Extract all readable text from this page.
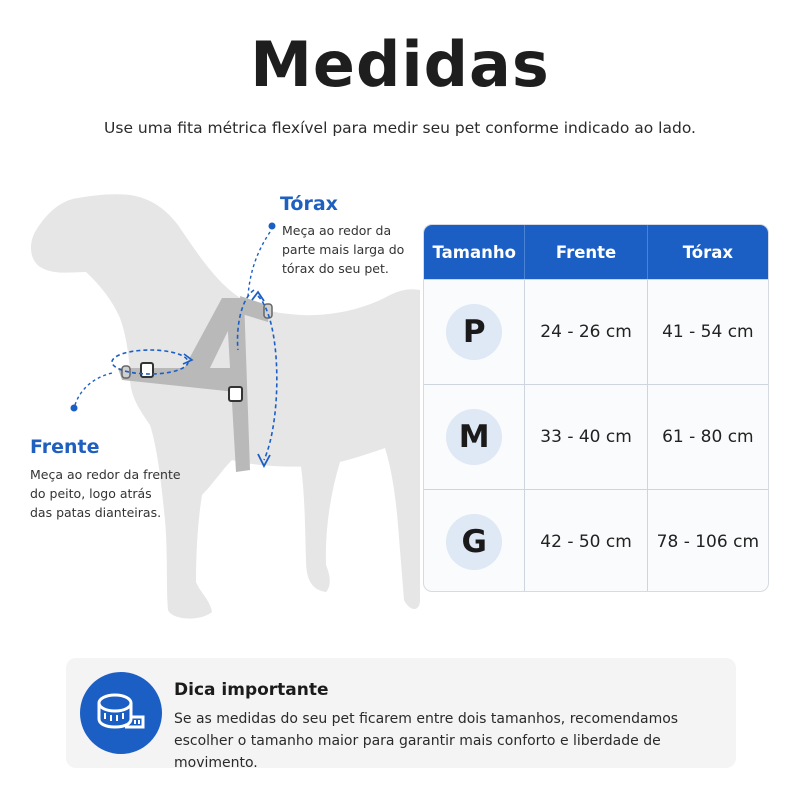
Medidas
Use uma fita métrica flexível para medir seu pet conforme indicado ao lado.
Tórax
Meça ao redor da
parte mais larga do
tórax do seu pet.
Frente
Meça ao redor da frente
do peito, logo atrás
das patas dianteiras.
Tamanho	Frente	Tórax
P	24 - 26 cm	41 - 54 cm
M	33 - 40 cm	61 - 80 cm
G	42 - 50 cm	78 - 106 cm
Dica importante
Se as medidas do seu pet ficarem entre dois tamanhos, recomendamos
escolher o tamanho maior para garantir mais conforto e liberdade de movimento.
